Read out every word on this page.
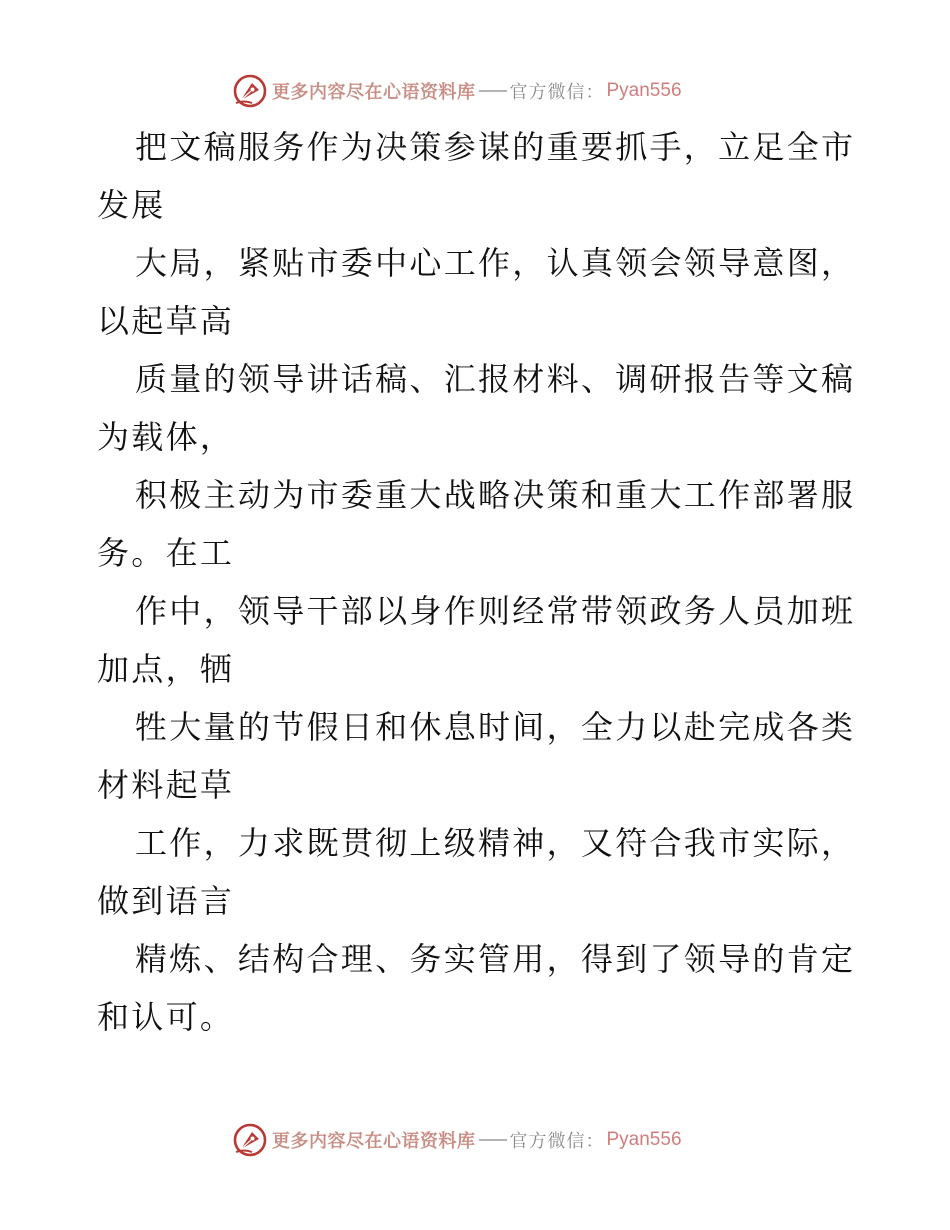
更多内容尽在心语资料库 官方微信： Pyan556
把文稿服务作为决策参谋的重要抓手，立足全市
发展
大局，紧贴市委中心工作，认真领会领导意图，
以起草高
质量的领导讲话稿、汇报材料、调研报告等文稿
为载体，
积极主动为市委重大战略决策和重大工作部署服
务。在工
作中，领导干部以身作则经常带领政务人员加班
加点，牺
牲大量的节假日和休息时间，全力以赴完成各类
材料起草
工作，力求既贯彻上级精神，又符合我市实际，
做到语言
精炼、结构合理、务实管用，得到了领导的肯定
和认可。
更多内容尽在心语资料库 官方微信： Pyan556
